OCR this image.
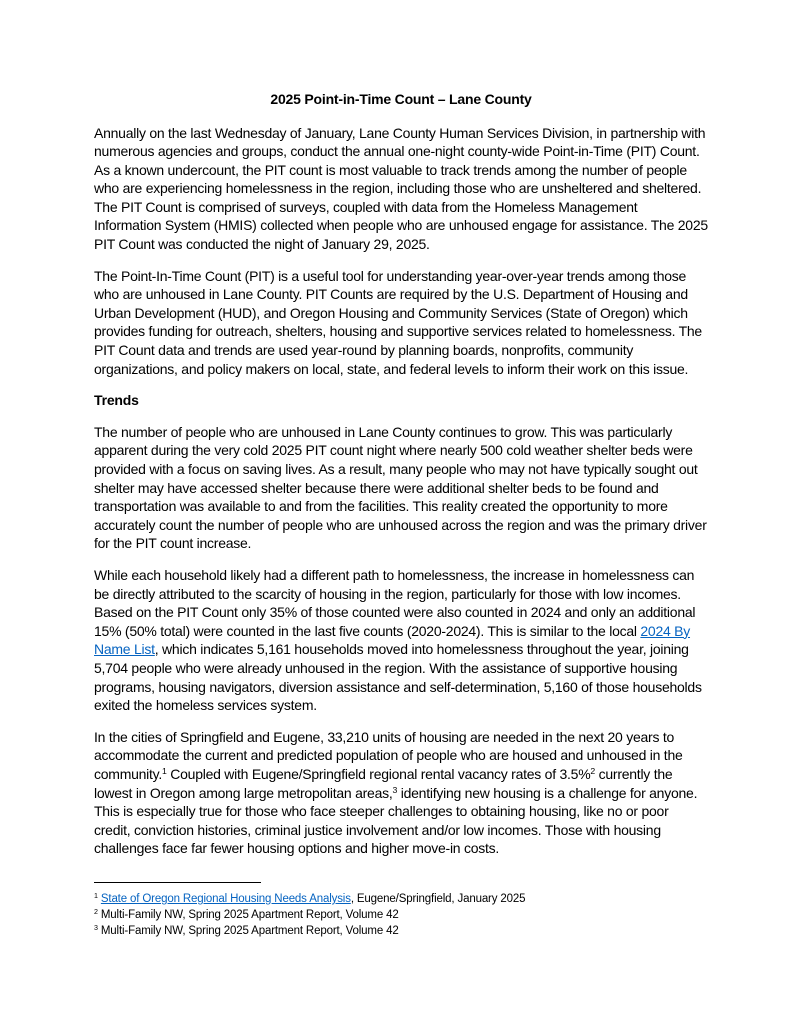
2025 Point-in-Time Count – Lane County

Annually on the last Wednesday of January, Lane County Human Services Division, in partnership with numerous agencies and groups, conduct the annual one-night county-wide Point-in-Time (PIT) Count. As a known undercount, the PIT count is most valuable to track trends among the number of people who are experiencing homelessness in the region, including those who are unsheltered and sheltered. The PIT Count is comprised of surveys, coupled with data from the Homeless Management Information System (HMIS) collected when people who are unhoused engage for assistance. The 2025 PIT Count was conducted the night of January 29, 2025.

The Point-In-Time Count (PIT) is a useful tool for understanding year-over-year trends among those who are unhoused in Lane County. PIT Counts are required by the U.S. Department of Housing and Urban Development (HUD), and Oregon Housing and Community Services (State of Oregon) which provides funding for outreach, shelters, housing and supportive services related to homelessness. The PIT Count data and trends are used year-round by planning boards, nonprofits, community organizations, and policy makers on local, state, and federal levels to inform their work on this issue.

Trends

The number of people who are unhoused in Lane County continues to grow. This was particularly apparent during the very cold 2025 PIT count night where nearly 500 cold weather shelter beds were provided with a focus on saving lives. As a result, many people who may not have typically sought out shelter may have accessed shelter because there were additional shelter beds to be found and transportation was available to and from the facilities. This reality created the opportunity to more accurately count the number of people who are unhoused across the region and was the primary driver for the PIT count increase.

While each household likely had a different path to homelessness, the increase in homelessness can be directly attributed to the scarcity of housing in the region, particularly for those with low incomes. Based on the PIT Count only 35% of those counted were also counted in 2024 and only an additional 15% (50% total) were counted in the last five counts (2020-2024). This is similar to the local 2024 By Name List, which indicates 5,161 households moved into homelessness throughout the year, joining 5,704 people who were already unhoused in the region. With the assistance of supportive housing programs, housing navigators, diversion assistance and self-determination, 5,160 of those households exited the homeless services system.

In the cities of Springfield and Eugene, 33,210 units of housing are needed in the next 20 years to accommodate the current and predicted population of people who are housed and unhoused in the community.$^1$ Coupled with Eugene/Springfield regional rental vacancy rates of 3.5%$^2$ currently the lowest in Oregon among large metropolitan areas,$^3$ identifying new housing is a challenge for anyone. This is especially true for those who face steeper challenges to obtaining housing, like no or poor credit, conviction histories, criminal justice involvement and/or low incomes. Those with housing challenges face far fewer housing options and higher move-in costs.

$^1$ State of Oregon Regional Housing Needs Analysis, Eugene/Springfield, January 2025

$^2$ Multi-Family NW, Spring 2025 Apartment Report, Volume 42

$^3$ Multi-Family NW, Spring 2025 Apartment Report, Volume 42
